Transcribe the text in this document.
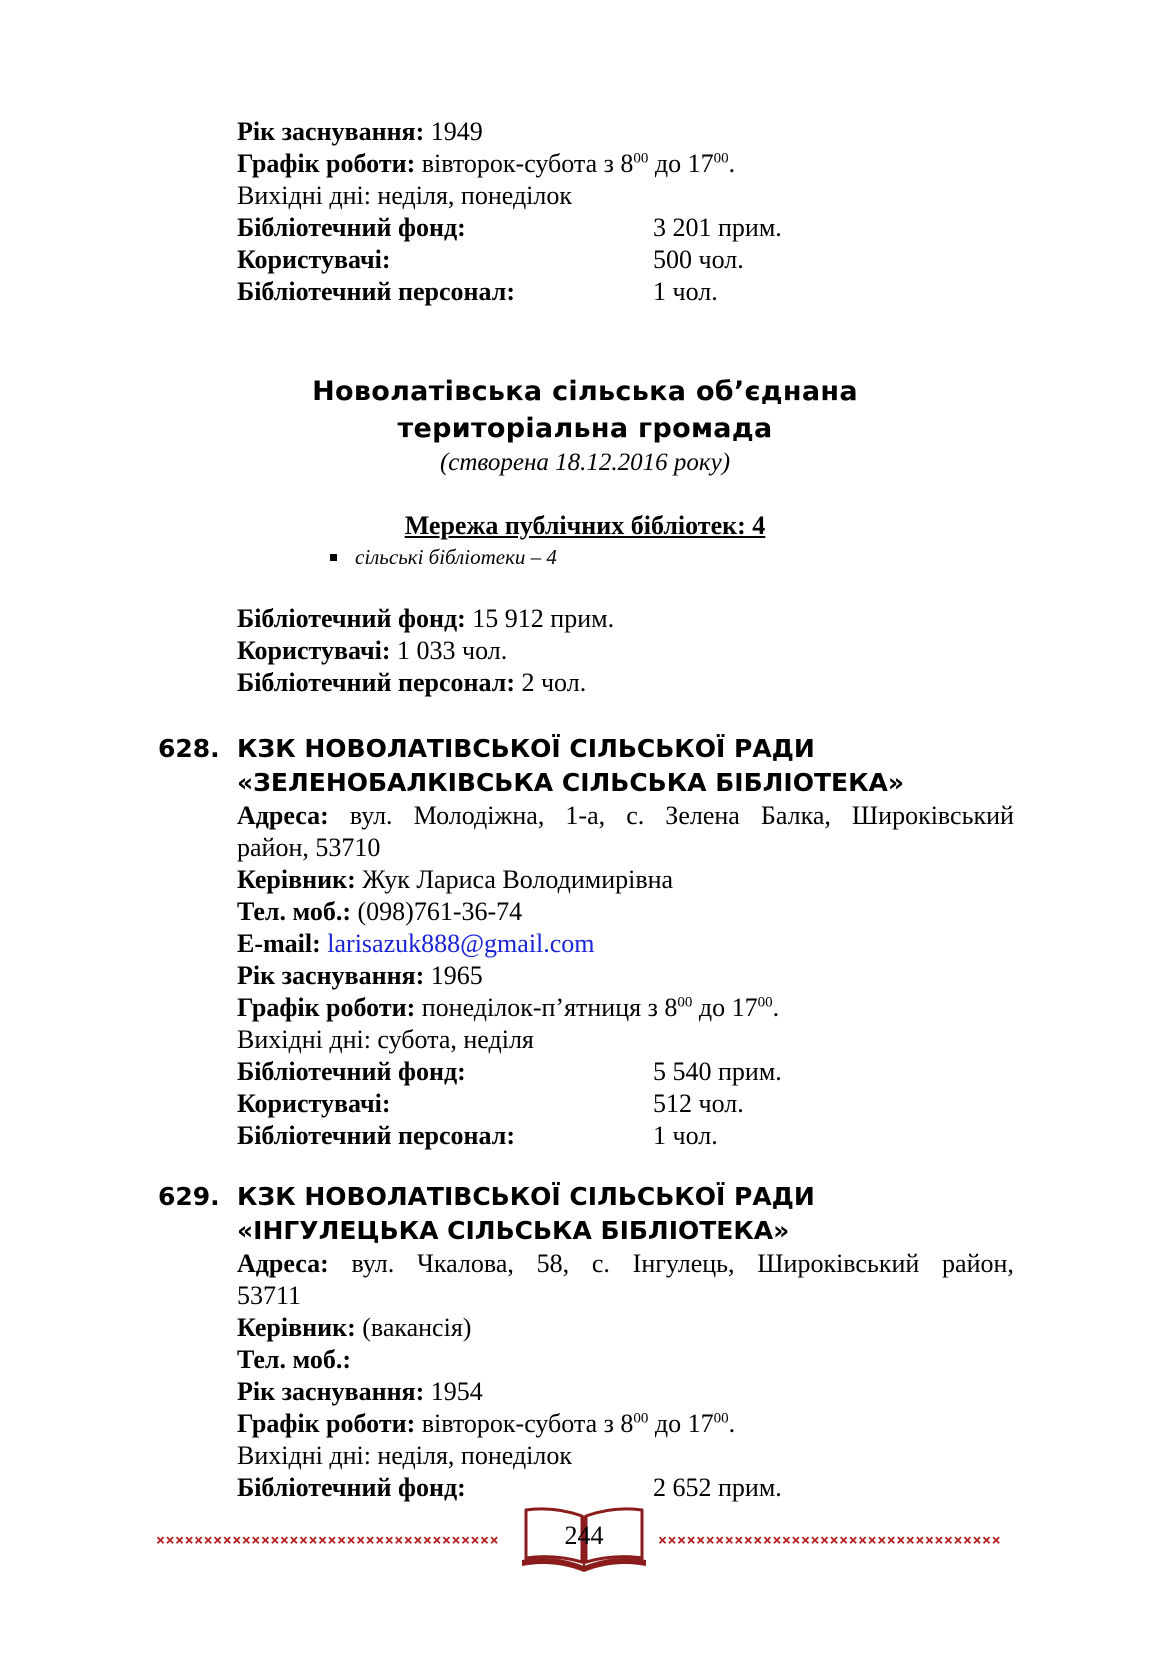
Рік заснування: 1949
Графік роботи: вівторок-субота з $8^{00}$ до $17^{00}$.
Вихідні дні: неділя, понеділок
Бібліотечний фонд:	3 201 прим.
Користувачі:	500 чол.
Бібліотечний персонал:	1 чол.
Новолатівська сільська об’єднана
територіальна громада
(створена 18.12.2016 року)
Мережа публічних бібліотек: 4
сільські бібліотеки – 4
Бібліотечний фонд: 15 912 прим.
Користувачі: 1 033 чол.
Бібліотечний персонал: 2 чол.
628. КЗК НОВОЛАТІВСЬКОЇ СІЛЬСЬКОЇ РАДИ
«ЗЕЛЕНОБАЛКІВСЬКА СІЛЬСЬКА БІБЛІОТЕКА»
Адреса: вул. Молодіжна, 1-а, с. Зелена Балка, Широківський
район, 53710
Керівник: Жук Лариса Володимирівна
Тел. моб.: (098)761-36-74
E-mail: larisazuk888@gmail.com
Рік заснування: 1965
Графік роботи: понеділок-п’ятниця з $8^{00}$ до $17^{00}$.
Вихідні дні: субота, неділя
Бібліотечний фонд:	5 540 прим.
Користувачі:	512 чол.
Бібліотечний персонал:	1 чол.
629. КЗК НОВОЛАТІВСЬКОЇ СІЛЬСЬКОЇ РАДИ
«ІНГУЛЕЦЬКА СІЛЬСЬКА БІБЛІОТЕКА»
Адреса: вул. Чкалова, 58, с. Інгулець, Широківський район,
53711
Керівник: (вакансія)
Тел. моб.:
Рік заснування: 1954
Графік роботи: вівторок-субота з $8^{00}$ до $17^{00}$.
Вихідні дні: неділя, понеділок
Бібліотечний фонд:	2 652 прим.
××××××××××××××××××××××××××××××××××××	××××××××××××××××××××××××××××××××××××
244
